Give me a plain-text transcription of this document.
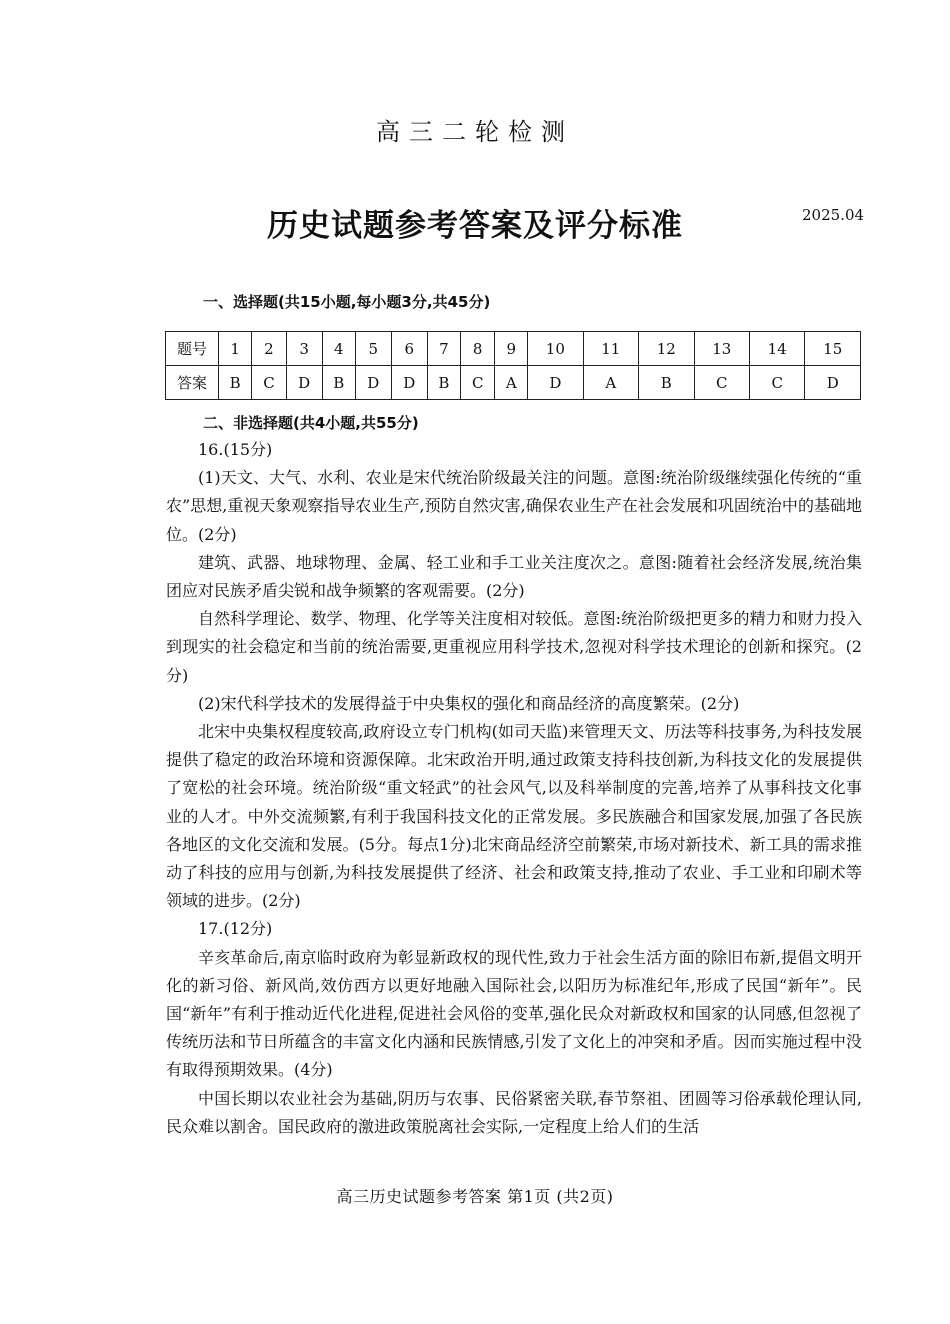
高三二轮检测
历史试题参考答案及评分标准	2025.04
一、选择题(共15小题,每小题3分,共45分)
题号	1	2	3	4	5	6	7	8	9	10	11	12	13	14	15
答案	B	C	D	B	D	D	B	C	A	D	A	B	C	C	D
二、非选择题(共4小题,共55分)

16.(15分)

(1)天文、大气、水利、农业是宋代统治阶级最关注的问题。意图:统治阶级继续强化传统的“重农”思想,重视天象观察指导农业生产,预防自然灾害,确保农业生产在社会发展和巩固统治中的基础地位。(2分)

建筑、武器、地球物理、金属、轻工业和手工业关注度次之。意图:随着社会经济发展,统治集团应对民族矛盾尖锐和战争频繁的客观需要。(2分)

自然科学理论、数学、物理、化学等关注度相对较低。意图:统治阶级把更多的精力和财力投入到现实的社会稳定和当前的统治需要,更重视应用科学技术,忽视对科学技术理论的创新和探究。(2分)

(2)宋代科学技术的发展得益于中央集权的强化和商品经济的高度繁荣。(2分)

北宋中央集权程度较高,政府设立专门机构(如司天监)来管理天文、历法等科技事务,为科技发展提供了稳定的政治环境和资源保障。北宋政治开明,通过政策支持科技创新,为科技文化的发展提供了宽松的社会环境。统治阶级“重文轻武”的社会风气,以及科举制度的完善,培养了从事科技文化事业的人才。中外交流频繁,有利于我国科技文化的正常发展。多民族融合和国家发展,加强了各民族各地区的文化交流和发展。(5分。每点1分)北宋商品经济空前繁荣,市场对新技术、新工具的需求推动了科技的应用与创新,为科技发展提供了经济、社会和政策支持,推动了农业、手工业和印刷术等领域的进步。(2分)

17.(12分)

辛亥革命后,南京临时政府为彰显新政权的现代性,致力于社会生活方面的除旧布新,提倡文明开化的新习俗、新风尚,效仿西方以更好地融入国际社会,以阳历为标准纪年,形成了民国“新年”。民国“新年”有利于推动近代化进程,促进社会风俗的变革,强化民众对新政权和国家的认同感,但忽视了传统历法和节日所蕴含的丰富文化内涵和民族情感,引发了文化上的冲突和矛盾。因而实施过程中没有取得预期效果。(4分)

中国长期以农业社会为基础,阴历与农事、民俗紧密关联,春节祭祖、团圆等习俗承载伦理认同,民众难以割舍。国民政府的激进政策脱离社会实际,一定程度上给人们的生活

高三历史试题参考答案 第1页 (共2页)
